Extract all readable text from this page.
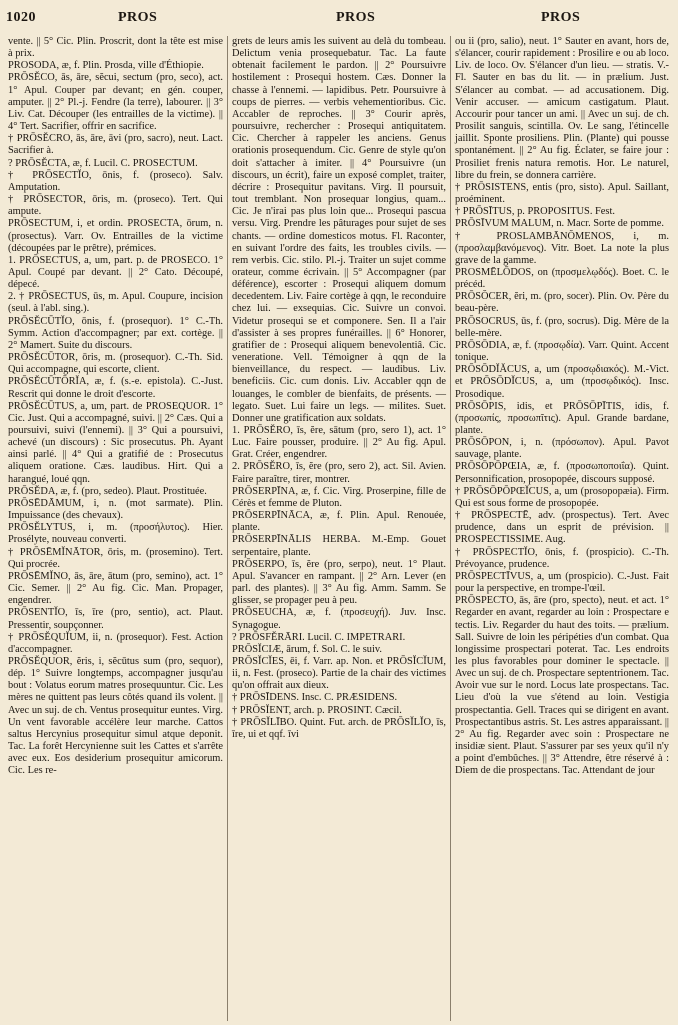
1020	PROS	PROS	PROS

vente. || 5° Cic. Plin. Proscrit, dont la tête est mise à prix.

PROSODA, æ, f. Plin. Prosda, ville d'Éthiopie.

PRŌSĔCO, ās, āre, sĕcui, sectum (pro, seco), act. 1° Apul. Couper par devant; en gén. couper, amputer. || 2° Pl.-j. Fendre (la terre), labourer. || 3° Liv. Cat. Découper (les entrailles de la victime). || 4° Tert. Sacrifier, offrir en sacrifice.

† PRŌSĔCRO, ās, āre, āvi (pro, sacro), neut. Lact. Sacrifier à.

? PRŌSĔCTA, æ, f. Lucil. C. PROSECTUM.

† PRŌSECTĬO, ōnis, f. (proseco). Salv. Amputation.

† PRŌSECTOR, ōris, m. (proseco). Tert. Qui ampute.

PRŌSECTUM, i, et ordin. PROSECTA, ōrum, n. (prosectus). Varr. Ov. Entrailles de la victime (découpées par le prêtre), prémices.

1. PRŌSECTUS, a, um, part. p. de PROSECO. 1° Apul. Coupé par devant. || 2° Cato. Découpé, dépecé.

2. † PRŌSECTUS, ūs, m. Apul. Coupure, incision (seul. à l'abl. sing.).

PRŌSĔCŪTĬO, ōnis, f. (prosequor). 1° C.-Th. Symm. Action d'accompagner; par ext. cortège. || 2° Mamert. Suite du discours.

PRŌSĔCŪTOR, ōris, m. (prosequor). C.-Th. Sid. Qui accompagne, qui escorte, client.

PRŌSĔCŪTŌRĬA, æ, f. (s.-e. epistola). C.-Just. Rescrit qui donne le droit d'escorte.

PRŌSĔCŪTUS, a, um, part. de PROSEQUOR. 1° Cic. Just. Qui a accompagné, suivi. || 2° Cæs. Qui a poursuivi, suivi (l'ennemi). || 3° Qui a poursuivi, achevé (un discours) : Sic prosecutus. Ph. Ayant ainsi parlé. || 4° Qui a gratifié de : Prosecutus aliquem oratione. Cæs. laudibus. Hirt. Qui a harangué, loué qqn.

PRŌSĔDA, æ, f. (pro, sedeo). Plaut. Prostituée.

PRŌSĒDĀMUM, i, n. (mot sarmate). Plin. Impuissance (des chevaux).

PRŌSĔLYTUS, i, m. (προσήλυτος). Hier. Prosélyte, nouveau converti.

† PRŌSĒMĬNĀTOR, ōris, m. (prosemino). Tert. Qui procrée.

PRŌSĒMĬNO, ās, āre, ātum (pro, semino), act. 1° Cic. Semer. || 2° Au fig. Cic. Man. Propager, engendrer.

PRŌSENTĬO, īs, īre (pro, sentio), act. Plaut. Pressentir, soupçonner.

† PRŌSĔQUĬUM, ii, n. (prosequor). Fest. Action d'accompagner.

PRŌSĔQUOR, ĕris, i, sĕcūtus sum (pro, sequor), dép. 1° Suivre longtemps, accompagner jusqu'au bout : Volatus eorum matres prosequuntur. Cic. Les mères ne quittent pas leurs côtés quand ils volent. || Avec un suj. de ch. Ventus prosequitur euntes. Virg. Un vent favorable accélère leur marche. Cattos saltus Hercynius prosequitur simul atque deponit. Tac. La forêt Hercynienne suit les Cattes et s'arrête avec eux. Eos desiderium prosequitur amicorum. Cic. Les re-

grets de leurs amis les suivent au delà du tombeau. Delictum venia prosequebatur. Tac. La faute obtenait facilement le pardon. || 2° Poursuivre hostilement : Prosequi hostem. Cæs. Donner la chasse à l'ennemi. — lapidibus. Petr. Poursuivre à coups de pierres. — verbis vehementioribus. Cic. Accabler de reproches. || 3° Courir après, poursuivre, rechercher : Prosequi antiquitatem. Cic. Chercher à rappeler les anciens. Genus orationis prosequendum. Cic. Genre de style qu'on doit s'attacher à imiter. || 4° Poursuivre (un discours, un écrit), faire un exposé complet, traiter, décrire : Prosequitur pavitans. Virg. Il poursuit, tout tremblant. Non prosequar longius, quam... Cic. Je n'irai pas plus loin que... Prosequi pascua versu. Virg. Prendre les pâturages pour sujet de ses chants. — ordine domesticos motus. Fl. Raconter, en suivant l'ordre des faits, les troubles civils. — rem verbis. Cic. stilo. Pl.-j. Traiter un sujet comme orateur, comme écrivain. || 5° Accompagner (par déférence), escorter : Prosequi aliquem domum decedentem. Liv. Faire cortège à qqn, le reconduire chez lui. — exsequias. Cic. Suivre un convoi. Videtur prosequi se et componere. Sen. Il a l'air d'assister à ses propres funérailles. || 6° Honorer, gratifier de : Prosequi aliquem benevolentiâ. Cic. veneratione. Vell. Témoigner à qqn de la bienveillance, du respect. — laudibus. Liv. beneficiis. Cic. cum donis. Liv. Accabler qqn de louanges, le combler de bienfaits, de présents. — legato. Suet. Lui faire un legs. — milites. Suet. Donner une gratification aux soldats.

1. PRŌSĔRO, īs, ĕre, sātum (pro, sero 1), act. 1° Luc. Faire pousser, produire. || 2° Au fig. Apul. Grat. Créer, engendrer.

2. PRŌSĔRO, īs, ĕre (pro, sero 2), act. Sil. Avien. Faire paraître, tirer, montrer.

PRŌSERPĪNA, æ, f. Cic. Virg. Proserpine, fille de Cérès et femme de Pluton.

PRŌSERPĪNĀCA, æ, f. Plin. Apul. Renouée, plante.

PRŌSERPĪNĀLIS HERBA. M.-Emp. Gouet serpentaire, plante.

PRŌSERPO, īs, ĕre (pro, serpo), neut. 1° Plaut. Apul. S'avancer en rampant. || 2° Arn. Lever (en parl. des plantes). || 3° Au fig. Amm. Samm. Se glisser, se propager peu à peu.

PRŌSEUCHA, æ, f. (προσευχή). Juv. Insc. Synagogue.

? PRŌSFĔRĀRI. Lucil. C. IMPETRARI.

PRŌSĬCIÆ, ārum, f. Sol. C. le suiv.

PRŌSĬCĬES, ēi, f. Varr. ap. Non. et PRŌSĬCĬUM, ii, n. Fest. (proseco). Partie de la chair des victimes qu'on offrait aux dieux.

† PRŌSĪDENS. Insc. C. PRÆSIDENS.

† PRŌSĬENT, arch. p. PROSINT. Cæcil.

† PRŌSĬLĪBO. Quint. Fut. arch. de PRŌSĬLĬO, īs, īre, ui et qqf. īvi

ou ii (pro, salio), neut. 1° Sauter en avant, hors de, s'élancer, courir rapidement : Prosilire e ou ab loco. Liv. de loco. Ov. S'élancer d'un lieu. — stratis. V.-Fl. Sauter en bas du lit. — in prælium. Just. S'élancer au combat. — ad accusationem. Dig. Venir accuser. — amicum castigatum. Plaut. Accourir pour tancer un ami. || Avec un suj. de ch. Prosilit sanguis, scintilla. Ov. Le sang, l'étincelle jaillit. Sponte prosiliens. Plin. (Plante) qui pousse spontanément. || 2° Au fig. Éclater, se faire jour : Prosiliet frenis natura remotis. Hor. Le naturel, libre du frein, se donnera carrière.

† PRŌSISTENS, entis (pro, sisto). Apul. Saillant, proéminent.

† PRŌSĪTUS, p. PROPOSITUS. Fest.

PRŌSĪVUM MALUM, n. Macr. Sorte de pomme.

† PROSLAMBĀNŎMENOS, i, m. (προσλαμβανόμενος). Vitr. Boet. La note la plus grave de la gamme.

PROSMĒLŌDOS, on (προσμελῳδός). Boet. C. le précéd.

PRŌSŎCER, ĕri, m. (pro, socer). Plin. Ov. Père du beau-père.

PRŌSOCRUS, ūs, f. (pro, socrus). Dig. Mère de la belle-mère.

PRŌSŌDIA, æ, f. (προσῳδία). Varr. Quint. Accent tonique.

PRŌSŌDĬĂCUS, a, um (προσῳδιακός). M.-Vict. et PRŌSŌDĬCUS, a, um (προσῳδικός). Insc. Prosodique.

PRŌSŌPIS, idis, et PRŌSŌPĪTIS, idis, f. (προσωπίς, προσωπῖτις). Apul. Grande bardane, plante.

PRŌSŌPON, i, n. (πρόσωπον). Apul. Pavot sauvage, plante.

PRŌSŌPŌPŒIA, æ, f. (προσωποποιΐα). Quint. Personnification, prosopopée, discours supposé.

† PRŌSŌPŌPŒĬCUS, a, um (prosopopæia). Firm. Qui est sous forme de prosopopée.

† PRŌSPECTĒ, adv. (prospectus). Tert. Avec prudence, dans un esprit de prévision. || PROSPECTISSIME. Aug.

† PRŌSPECTĬO, ōnis, f. (prospicio). C.-Th. Prévoyance, prudence.

PRŌSPECTĪVUS, a, um (prospicio). C.-Just. Fait pour la perspective, en trompe-l'œil.

PRŌSPECTO, ās, āre (pro, specto), neut. et act. 1° Regarder en avant, regarder au loin : Prospectare e tectis. Liv. Regarder du haut des toits. — prælium. Sall. Suivre de loin les péripéties d'un combat. Qua longissime prospectari poterat. Tac. Les endroits les plus favorables pour dominer le spectacle. || Avec un suj. de ch. Prospectare septentrionem. Tac. Avoir vue sur le nord. Locus late prospectans. Tac. Lieu d'où la vue s'étend au loin. Vestigia prospectantia. Gell. Traces qui se dirigent en avant. Prospectantibus astris. St. Les astres apparaissant. || 2° Au fig. Regarder avec soin : Prospectare ne insidiæ sient. Plaut. S'assurer par ses yeux qu'il n'y a point d'embûches. || 3° Attendre, être réservé à : Diem de die prospectans. Tac. Attendant de jour
